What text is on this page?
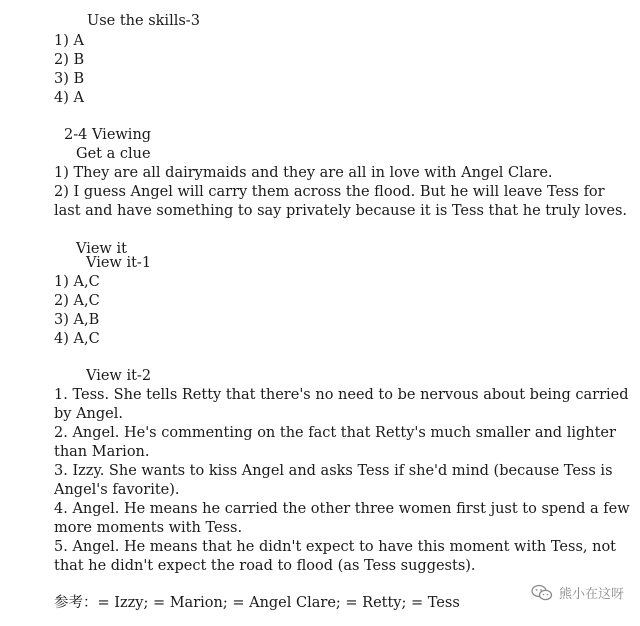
Use the skills-3
1) A
2) B
3) B
4) A
2-4 Viewing
Get a clue
1) They are all dairymaids and they are all in love with Angel Clare.
2) I guess Angel will carry them across the flood. But he will leave Tess for
last and have something to say privately because it is Tess that he truly loves.
View it
View it-1
1) A,C
2) A,C
3) A,B
4) A,C
View it-2
1. Tess. She tells Retty that there's no need to be nervous about being carried
by Angel.
2. Angel. He's commenting on the fact that Retty's much smaller and lighter
than Marion.
3. Izzy. She wants to kiss Angel and asks Tess if she'd mind (because Tess is
Angel's favorite).
4. Angel. He means he carried the other three women first just to spend a few
more moments with Tess.
5. Angel. He means that he didn't expect to have this moment with Tess, not
that he didn't expect the road to flood (as Tess suggests).
参考：= Izzy; = Marion; = Angel Clare; = Retty; = Tess
熊小在这呀
